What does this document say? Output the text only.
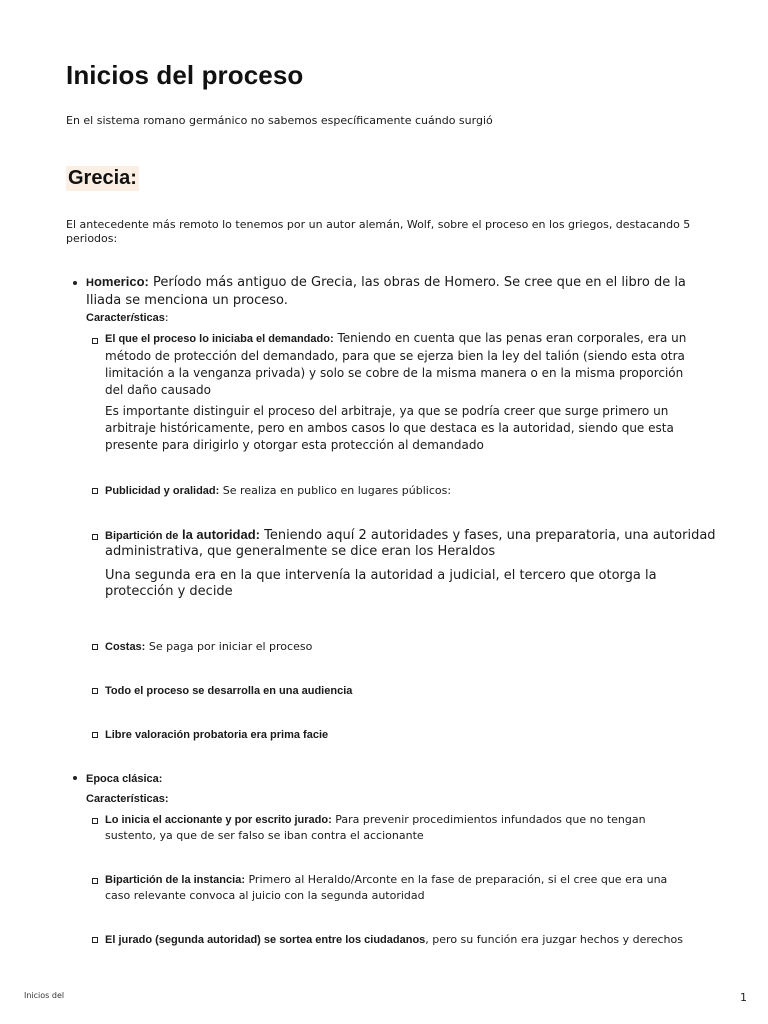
Inicios del proceso

En el sistema romano germánico no sabemos específicamente cuándo surgió

Grecia:

El antecedente más remoto lo tenemos por un autor alemán, Wolf, sobre el proceso en los griegos, destacando 5 periodos:

Homerico: Período más antiguo de Grecia, las obras de Homero. Se cree que en el libro de la Iliada se menciona un proceso.

Características:

El que el proceso lo iniciaba el demandado: Teniendo en cuenta que las penas eran corporales, era un método de protección del demandado, para que se ejerza bien la ley del talión (siendo esta otra limitación a la venganza privada) y solo se cobre de la misma manera o en la misma proporción del daño causado

Es importante distinguir el proceso del arbitraje, ya que se podría creer que surge primero un arbitraje históricamente, pero en ambos casos lo que destaca es la autoridad, siendo que esta presente para dirigirlo y otorgar esta protección al demandado

Publicidad y oralidad: Se realiza en publico en lugares públicos:

Bipartición de la autoridad: Teniendo aquí 2 autoridades y fases, una preparatoria, una autoridad administrativa, que generalmente se dice eran los Heraldos

Una segunda era en la que intervenía la autoridad a judicial, el tercero que otorga la protección y decide

Costas: Se paga por iniciar el proceso

Todo el proceso se desarrolla en una audiencia

Libre valoración probatoria era prima facie

Epoca clásica:

Características:

Lo inicia el accionante y por escrito jurado: Para prevenir procedimientos infundados que no tengan sustento, ya que de ser falso se iban contra el accionante

Bipartición de la instancia: Primero al Heraldo/Arconte en la fase de preparación, si el cree que era una caso relevante convoca al juicio con la segunda autoridad

El jurado (segunda autoridad) se sortea entre los ciudadanos, pero su función era juzgar hechos y derechos

Inicios del	1
